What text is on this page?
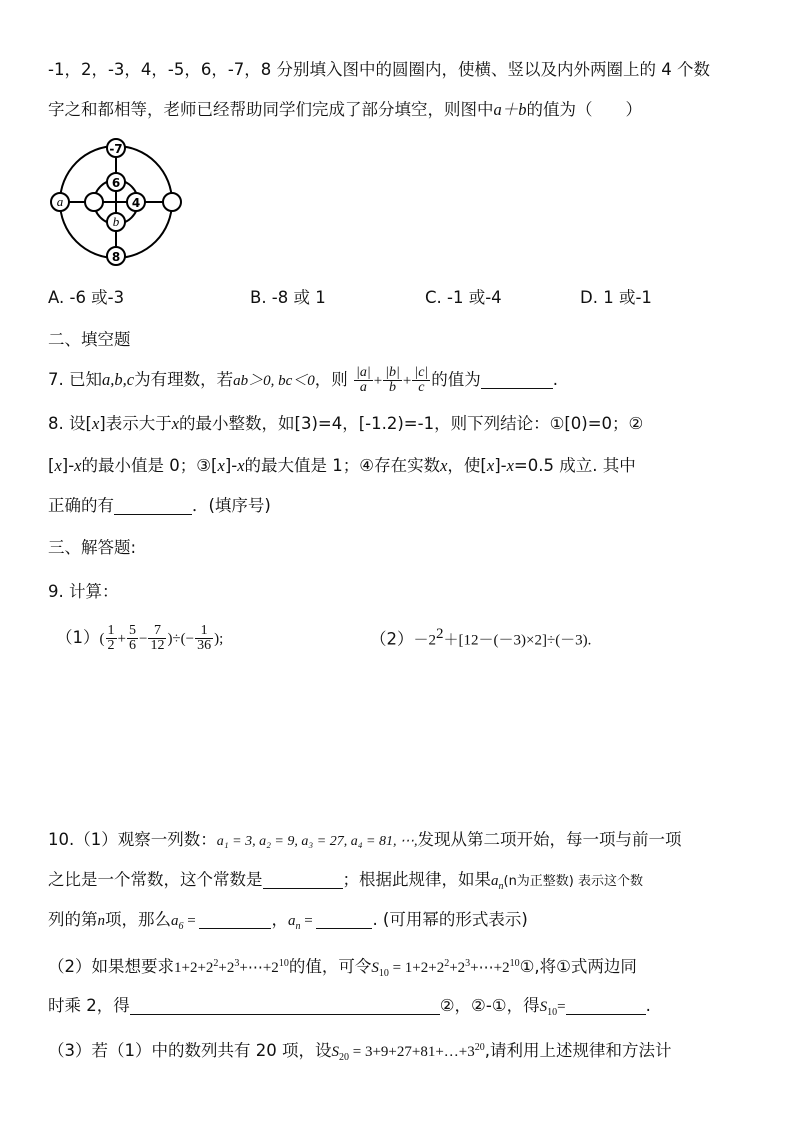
-1，2，-3，4，-5，6，-7，8 分别填入图中的圆圈内，使横、竖以及内外两圈上的 4 个数
字之和都相等，老师已经帮助同学们完成了部分填空，则图中a＋b的值为（　　）
-7
a
8
6
4
b
A. -6 或-3	B. -8 或 1	C. -1 或-4	D. 1 或-1
二、填空题
7. 已知a,b,c为有理数，若ab＞0, bc＜0，则 $\frac{|a|}{a} + \frac{|b|}{b} + \frac{|c|}{c}$ 的值为	.
8. 设[x]表示大于x的最小整数，如[3)=4，[-1.2)=-1，则下列结论：①[0)=0；②
[x]-x的最小值是 0；③[x]-x的最大值是 1；④存在实数x，使[x]-x=0.5 成立. 其中
正确的有	．(填序号)
三、解答题:
9. 计算：
$(1)( \frac{1}{2} + \frac{5}{6} - \frac{7}{12}$ )÷(− $\frac{1}{36}$ );	$(2)-2^2+[12-(-3)\times 2]\div(-3)$.
10.（1）观察一列数：a₁ = 3, a₂ = 9, a₃ = 27, a₄ = 81, ⋯,发现从第二项开始，每一项与前一项
之比是一个常数，这个常数是	；根据此规律，如果$a_n(n$为正整数) 表示这个数
列的第n项，那么$a_6$ =	，$a_n$ =	. (可用幂的形式表示)
（2）如果想要求$1+2+2^2+2^3+\cdots+2^{10}$的值，可令$S_{10}$ = $1+2+2^2+2^3+\cdots+2^{10}①$,将①式两边同
时乘 2，得	②，②-①，得$S_{10}=$	.
（3）若（1）中的数列共有 20 项，设$S_{20}$ = $3+9+27+81+\dots+3^{20}$,请利用上述规律和方法计
